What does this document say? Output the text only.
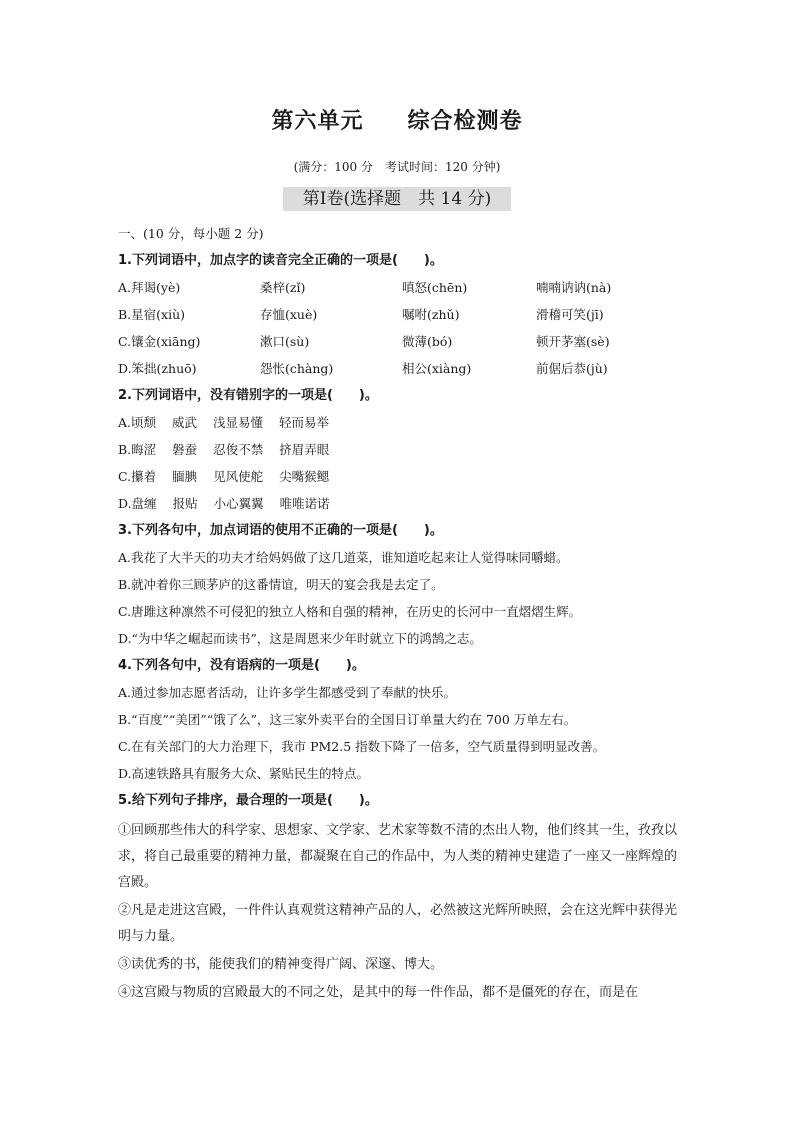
第六单元 综合检测卷
(满分：100 分　考试时间：120 分钟)
第Ⅰ卷(选择题　共 14 分)

一、(10 分，每小题 2 分)

1.下列词语中，加点字的读音完全正确的一项是(　　)。

A.拜谒(yè)	桑梓(zǐ)	嗔怒(chēn)	喃喃讷讷(nà)
B.星宿(xiù)	存恤(xuè)	嘱咐(zhǔ)	滑稽可笑(jī)
C.镶金(xiāng)	漱口(sù)	微薄(bó)	顿开茅塞(sè)
D.笨拙(zhuō)	怨怅(chàng)	相公(xiàng)	前倨后恭(jù)

2.下列词语中，没有错别字的一项是(　　)。

A.顷颓 威武 浅显易懂 轻而易举
B.晦涩 磐蚕 忍俊不禁 挤眉弄眼
C.攥着 腼腆 见风使舵 尖嘴猴鳃
D.盘缠 报贴 小心翼翼 唯唯诺诺

3.下列各句中，加点词语的使用不正确的一项是(　　)。

A.我花了大半天的功夫才给妈妈做了这几道菜，谁知道吃起来让人觉得味同嚼蜡。

B.就冲着你三顾茅庐的这番情谊，明天的宴会我是去定了。

C.唐雎这种凛然不可侵犯的独立人格和自强的精神，在历史的长河中一直熠熠生辉。

D.“为中华之崛起而读书”，这是周恩来少年时就立下的鸿鹄之志。

4.下列各句中，没有语病的一项是(　　)。

A.通过参加志愿者活动，让许多学生都感受到了奉献的快乐。

B.“百度”“美团”“饿了么”，这三家外卖平台的全国日订单量大约在 700 万单左右。

C.在有关部门的大力治理下，我市 PM2.5 指数下降了一倍多，空气质量得到明显改善。

D.高速铁路具有服务大众、紧贴民生的特点。

5.给下列句子排序，最合理的一项是(　　)。

①回顾那些伟大的科学家、思想家、文学家、艺术家等数不清的杰出人物，他们终其一生，孜孜以求，将自己最重要的精神力量，都凝聚在自己的作品中，为人类的精神史建造了一座又一座辉煌的宫殿。

②凡是走进这宫殿，一件件认真观赏这精神产品的人，必然被这光辉所映照，会在这光辉中获得光明与力量。

③读优秀的书，能使我们的精神变得广阔、深邃、博大。

④这宫殿与物质的宫殿最大的不同之处，是其中的每一件作品，都不是僵死的存在，而是在
